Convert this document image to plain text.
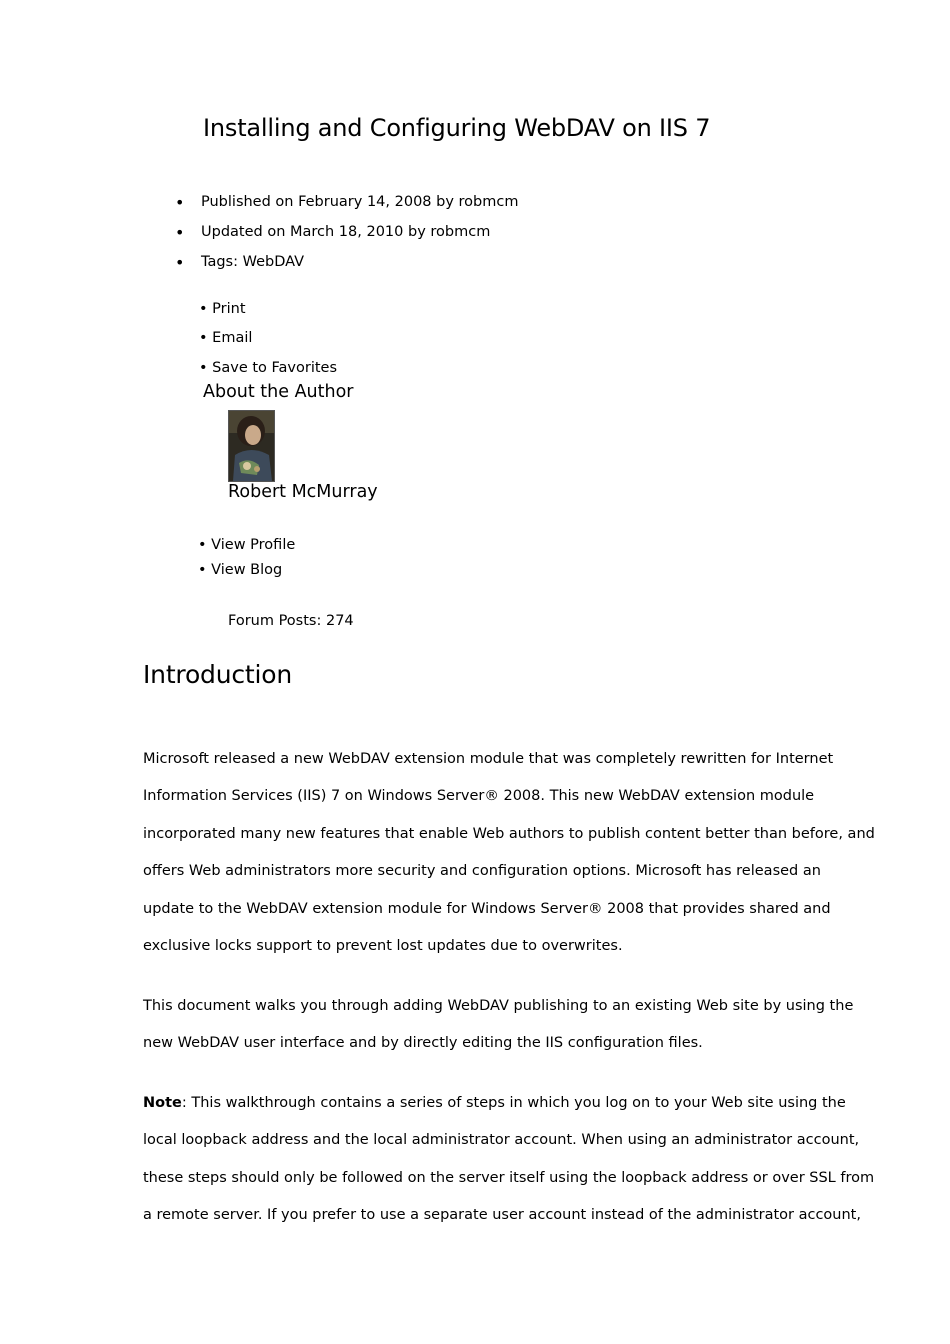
Installing and Configuring WebDAV on IIS 7
• Published on February 14, 2008 by robmcm
• Updated on March 18, 2010 by robmcm
• Tags: WebDAV
• Print
• Email
• Save to Favorites
About the Author
Robert McMurray
• View Profile
• View Blog
Forum Posts: 274
Introduction
Microsoft released a new WebDAV extension module that was completely rewritten for Internet
Information Services (IIS) 7 on Windows Server® 2008. This new WebDAV extension module
incorporated many new features that enable Web authors to publish content better than before, and
offers Web administrators more security and configuration options. Microsoft has released an
update to the WebDAV extension module for Windows Server® 2008 that provides shared and
exclusive locks support to prevent lost updates due to overwrites.
This document walks you through adding WebDAV publishing to an existing Web site by using the
new WebDAV user interface and by directly editing the IIS configuration files.
Note: This walkthrough contains a series of steps in which you log on to your Web site using the
local loopback address and the local administrator account. When using an administrator account,
these steps should only be followed on the server itself using the loopback address or over SSL from
a remote server. If you prefer to use a separate user account instead of the administrator account,
